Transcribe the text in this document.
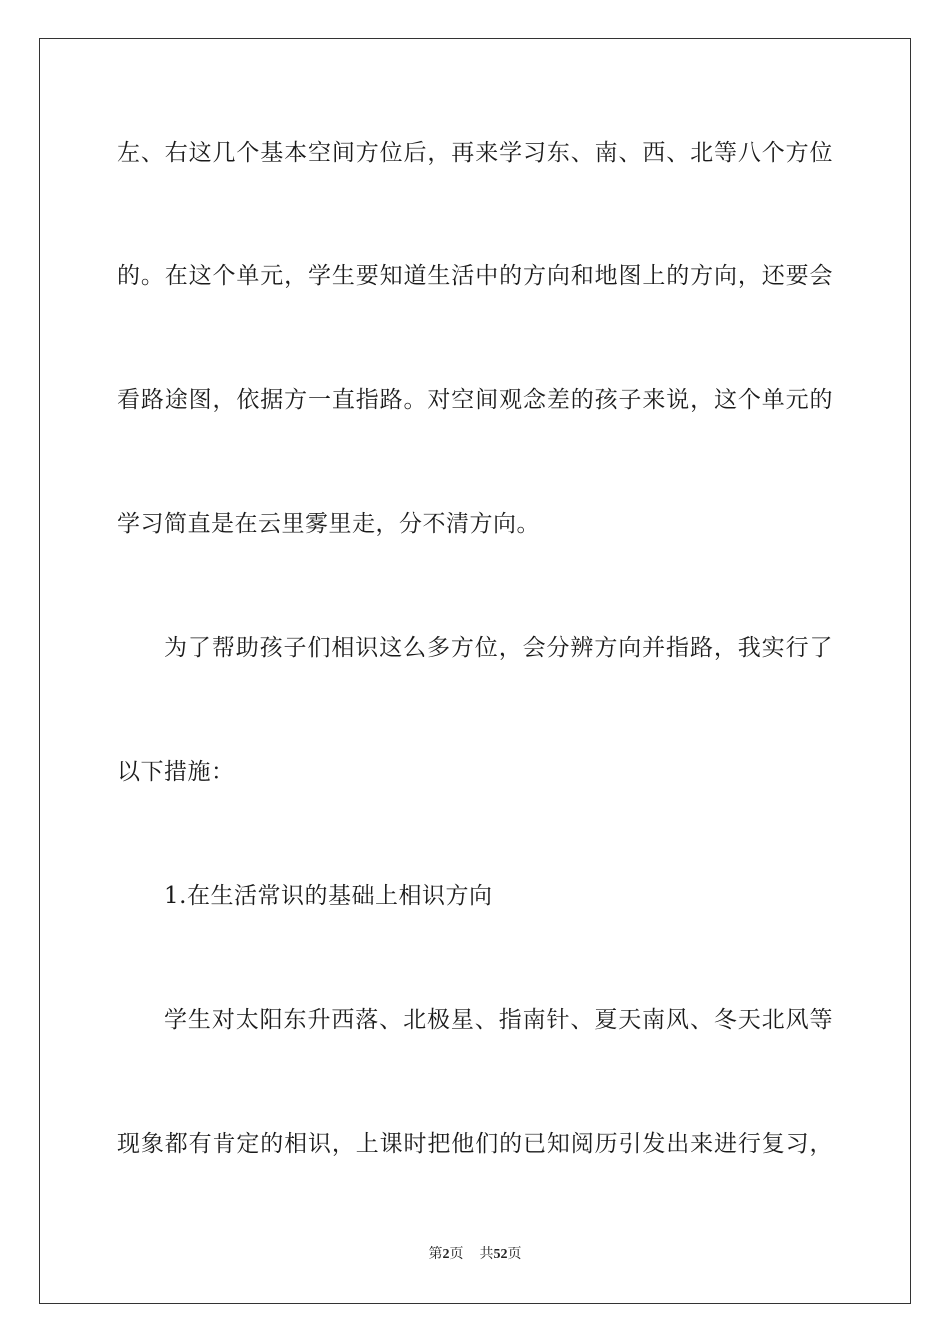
左、右这几个基本空间方位后，再来学习东、南、西、北等八个方位
的。在这个单元，学生要知道生活中的方向和地图上的方向，还要会
看路途图，依据方一直指路。对空间观念差的孩子来说，这个单元的
学习简直是在云里雾里走，分不清方向。
为了帮助孩子们相识这么多方位，会分辨方向并指路，我实行了
以下措施：
1.在生活常识的基础上相识方向
学生对太阳东升西落、北极星、指南针、夏天南风、冬天北风等
现象都有肯定的相识，上课时把他们的已知阅历引发出来进行复习，
第2页 共52页
